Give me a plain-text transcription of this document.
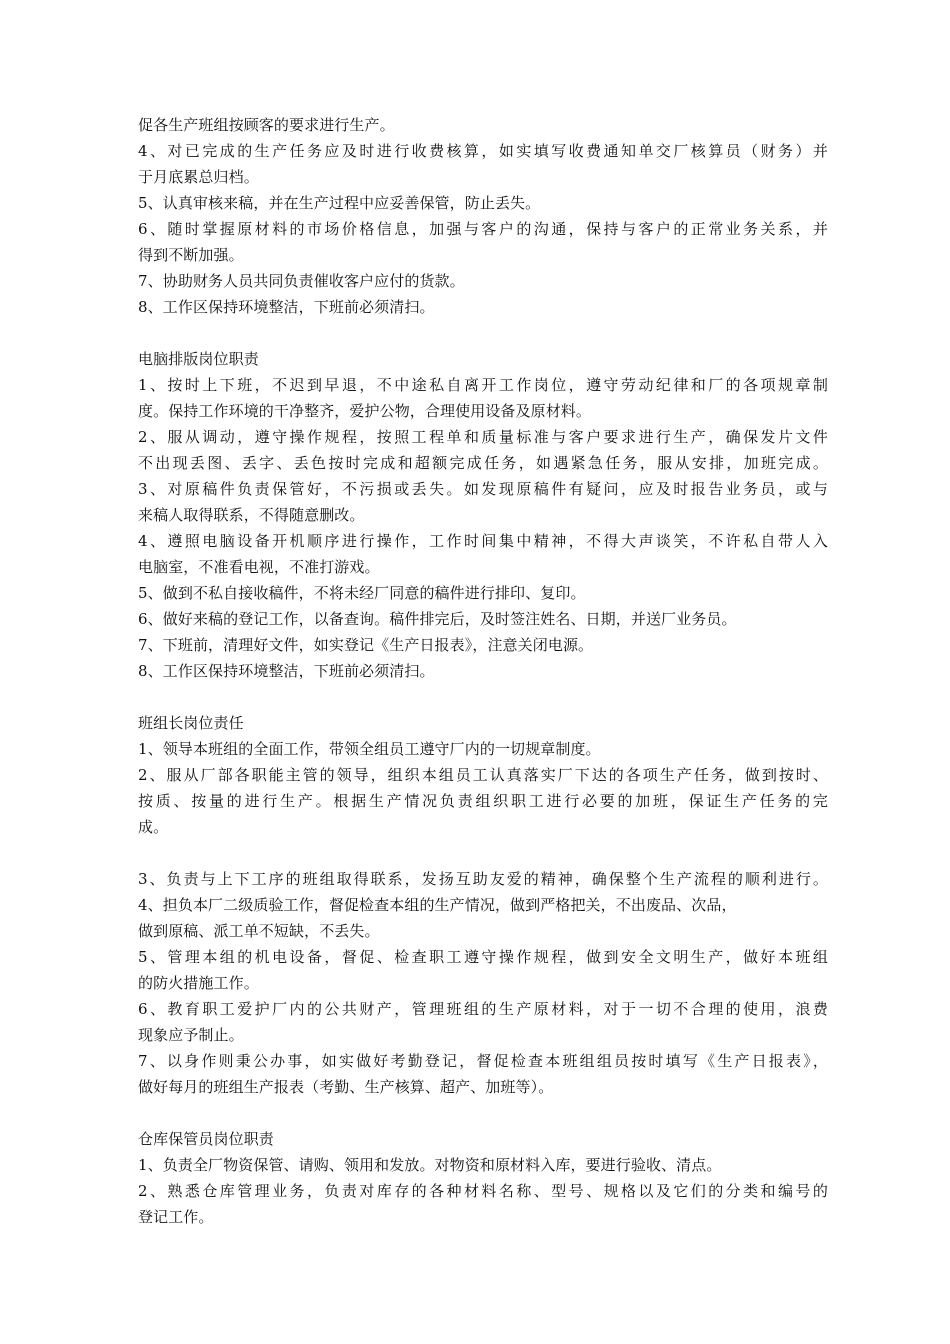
促各生产班组按顾客的要求进行生产。
4、对已完成的生产任务应及时进行收费核算，如实填写收费通知单交厂核算员（财务）并
于月底累总归档。
5、认真审核来稿，并在生产过程中应妥善保管，防止丢失。
6、随时掌握原材料的市场价格信息，加强与客户的沟通，保持与客户的正常业务关系，并
得到不断加强。
7、协助财务人员共同负责催收客户应付的货款。
8、工作区保持环境整洁，下班前必须清扫。
电脑排版岗位职责
1、按时上下班，不迟到早退，不中途私自离开工作岗位，遵守劳动纪律和厂的各项规章制
度。保持工作环境的干净整齐，爱护公物，合理使用设备及原材料。
2、服从调动，遵守操作规程，按照工程单和质量标准与客户要求进行生产，确保发片文件
不出现丢图、丢字、丢色按时完成和超额完成任务，如遇紧急任务，服从安排，加班完成。
3、对原稿件负责保管好，不污损或丢失。如发现原稿件有疑问，应及时报告业务员，或与
来稿人取得联系，不得随意删改。
4、遵照电脑设备开机顺序进行操作，工作时间集中精神，不得大声谈笑，不许私自带人入
电脑室，不准看电视，不准打游戏。
5、做到不私自接收稿件，不将未经厂同意的稿件进行排印、复印。
6、做好来稿的登记工作，以备查询。稿件排完后，及时签注姓名、日期，并送厂业务员。
7、下班前，清理好文件，如实登记《生产日报表》，注意关闭电源。
8、工作区保持环境整洁，下班前必须清扫。
班组长岗位责任
1、领导本班组的全面工作，带领全组员工遵守厂内的一切规章制度。
2、服从厂部各职能主管的领导，组织本组员工认真落实厂下达的各项生产任务，做到按时、
按质、按量的进行生产。根据生产情况负责组织职工进行必要的加班，保证生产任务的完
成。
3、负责与上下工序的班组取得联系，发扬互助友爱的精神，确保整个生产流程的顺利进行。
4、担负本厂二级质验工作，督促检查本组的生产情况，做到严格把关，不出废品、次品，
做到原稿、派工单不短缺，不丢失。
5、管理本组的机电设备，督促、检查职工遵守操作规程，做到安全文明生产，做好本班组
的防火措施工作。
6、教育职工爱护厂内的公共财产，管理班组的生产原材料，对于一切不合理的使用，浪费
现象应予制止。
7、以身作则秉公办事，如实做好考勤登记，督促检查本班组组员按时填写《生产日报表》，
做好每月的班组生产报表（考勤、生产核算、超产、加班等）。
仓库保管员岗位职责
1、负责全厂物资保管、请购、领用和发放。对物资和原材料入库，要进行验收、清点。
2、熟悉仓库管理业务，负责对库存的各种材料名称、型号、规格以及它们的分类和编号的
登记工作。
